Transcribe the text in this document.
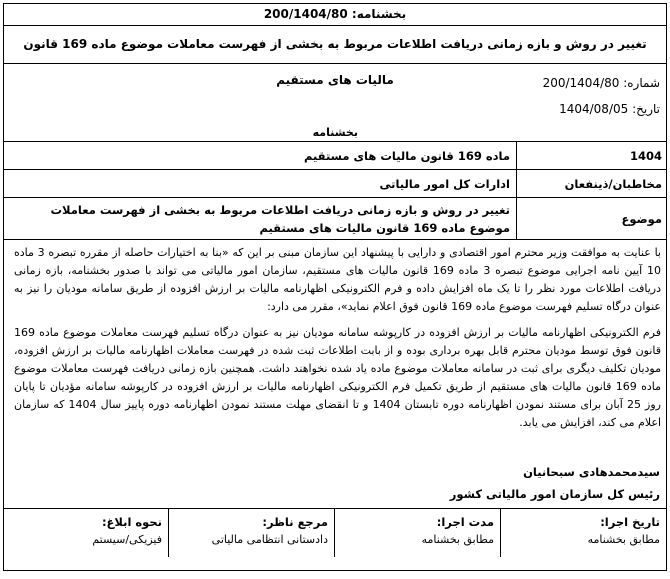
بخشنامه: 200/1404/80
تغییر در روش و بازه زمانی دریافت اطلاعات مربوط به بخشی از فهرست معاملات موضوع ماده 169 قانون مالیات های مستقیم	شماره: 200/1404/80
تاریخ: 1404/08/05
بخشنامه
1404
ماده 169 قانون مالیات های مستقیم
مخاطبان/ذینفعان
ادارات کل امور مالیاتی
موضوع
تغییر در روش و بازه زمانی دریافت اطلاعات مربوط به بخشی از فهرست معاملات موضوع ماده 169 قانون مالیات های مستقیم

با عنایت به موافقت وزیر محترم امور اقتصادی و دارایی با پیشنهاد این سازمان مبنی بر این که «بنا به اختیارات حاصله از مقرره تبصره 3 ماده 10 آیین نامه اجرایی موضوع تبصره 3 ماده 169 قانون مالیات های مستقیم، سازمان امور مالیاتی می تواند با صدور بخشنامه، بازه زمانی دریافت اطلاعات مورد نظر را تا یک ماه افزایش داده و فرم الکترونیکی اظهارنامه مالیات بر ارزش افزوده از طریق سامانه مودیان را نیز به عنوان درگاه تسلیم فهرست موضوع ماده 169 قانون فوق اعلام نماید»، مقرر می دارد:

فرم الکترونیکی اظهارنامه مالیات بر ارزش افزوده در کارپوشه سامانه مودیان نیز به عنوان درگاه تسلیم فهرست معاملات موضوع ماده 169 قانون فوق توسط مودیان محترم قابل بهره برداری بوده و از بابت اطلاعات ثبت شده در فهرست معاملات اظهارنامه مالیات بر ارزش افزوده، مودیان تکلیف دیگری برای ثبت در سامانه معاملات موضوع ماده یاد شده نخواهند داشت. همچنین بازه زمانی دریافت فهرست معاملات موضوع ماده 169 قانون مالیات های مستقیم از طریق تکمیل فرم الکترونیکی اظهارنامه مالیات بر ارزش افزوده در کارپوشه سامانه مؤدیان تا پایان روز 25 آبان برای مستند نمودن اظهارنامه دوره تابستان 1404 و تا انقضای مهلت مستند نمودن اظهارنامه دوره پاییز سال 1404 که سازمان اعلام می کند، افزایش می یابد.

سیدمحمدهادی سبحانیان
رئیس کل سازمان امور مالیاتی کشور
تاریخ اجرا:
مطابق بخشنامه
مدت اجرا:
مطابق بخشنامه
مرجع ناظر:
دادستانی انتظامی مالیاتی
نحوه ابلاغ:
فیزیکی/سیستم
